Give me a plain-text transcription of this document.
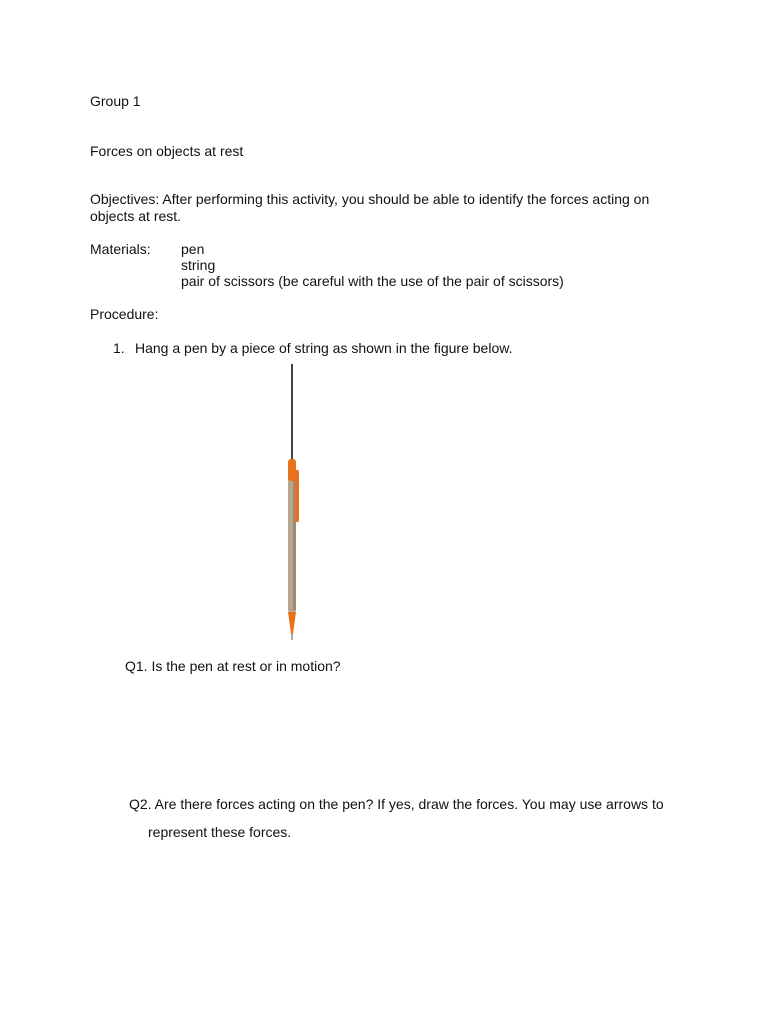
Group 1
Forces on objects at rest
Objectives: After performing this activity, you should be able to identify the forces acting on
objects at rest.
Materials: pen
string
pair of scissors (be careful with the use of the pair of scissors)
Procedure:
1. Hang a pen by a piece of string as shown in the figure below.
Q1. Is the pen at rest or in motion?
Q2. Are there forces acting on the pen? If yes, draw the forces. You may use arrows to
represent these forces.
